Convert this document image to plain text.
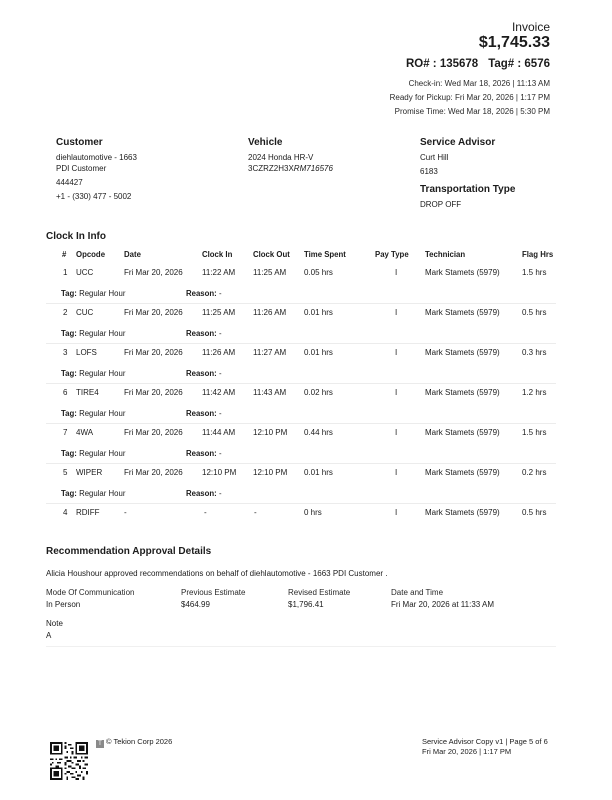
Invoice
$1,745.33
RO# : 135678 Tag# : 6576
Check-in: Wed Mar 18, 2026 | 11:13 AM
Ready for Pickup: Fri Mar 20, 2026 | 1:17 PM
Promise Time: Wed Mar 18, 2026 | 5:30 PM
Customer
diehlautomotive - 1663
PDI Customer
444427
+1 - (330) 477 - 5002
Vehicle
2024 Honda HR-V
3CZRZ2H3XRM716576
Service Advisor
Curt Hill
6183
Transportation Type
DROP OFF
Clock In Info
# Opcode Date	Clock In	Clock Out Time Spent	Pay Type Technician	Flag Hrs
1 UCC	Fri Mar 20, 2026 11:22 AM 11:25 AM 0.05 hrs	I	Mark Stamets (5979)	1.5 hrs
Tag: Regular Hour	Reason: -
2 CUC	Fri Mar 20, 2026 11:25 AM 11:26 AM 0.01 hrs	I	Mark Stamets (5979)	0.5 hrs
Tag: Regular Hour	Reason: -
3 LOFS	Fri Mar 20, 2026 11:26 AM 11:27 AM 0.01 hrs	I	Mark Stamets (5979)	0.3 hrs
Tag: Regular Hour	Reason: -
6 TIRE4	Fri Mar 20, 2026 11:42 AM 11:43 AM 0.02 hrs	I	Mark Stamets (5979)	1.2 hrs
Tag: Regular Hour	Reason: -
7 4WA	Fri Mar 20, 2026 11:44 AM 12:10 PM 0.44 hrs	I	Mark Stamets (5979)	1.5 hrs
Tag: Regular Hour	Reason: -
5 WIPER	Fri Mar 20, 2026 12:10 PM 12:10 PM 0.01 hrs	I	Mark Stamets (5979)	0.2 hrs
Tag: Regular Hour	Reason: -
4 RDIFF	-	-	-	0 hrs	I	Mark Stamets (5979)	0.5 hrs
Recommendation Approval Details
Alicia Houshour approved recommendations on behalf of diehlautomotive - 1663 PDI Customer .
Mode Of Communication
In Person
Previous Estimate
$464.99
Revised Estimate
$1,796.41
Date and Time
Fri Mar 20, 2026 at 11:33 AM
Note
A
T © Tekion Corp 2026	Service Advisor Copy v1 | Page 5 of 6
Fri Mar 20, 2026 | 1:17 PM
